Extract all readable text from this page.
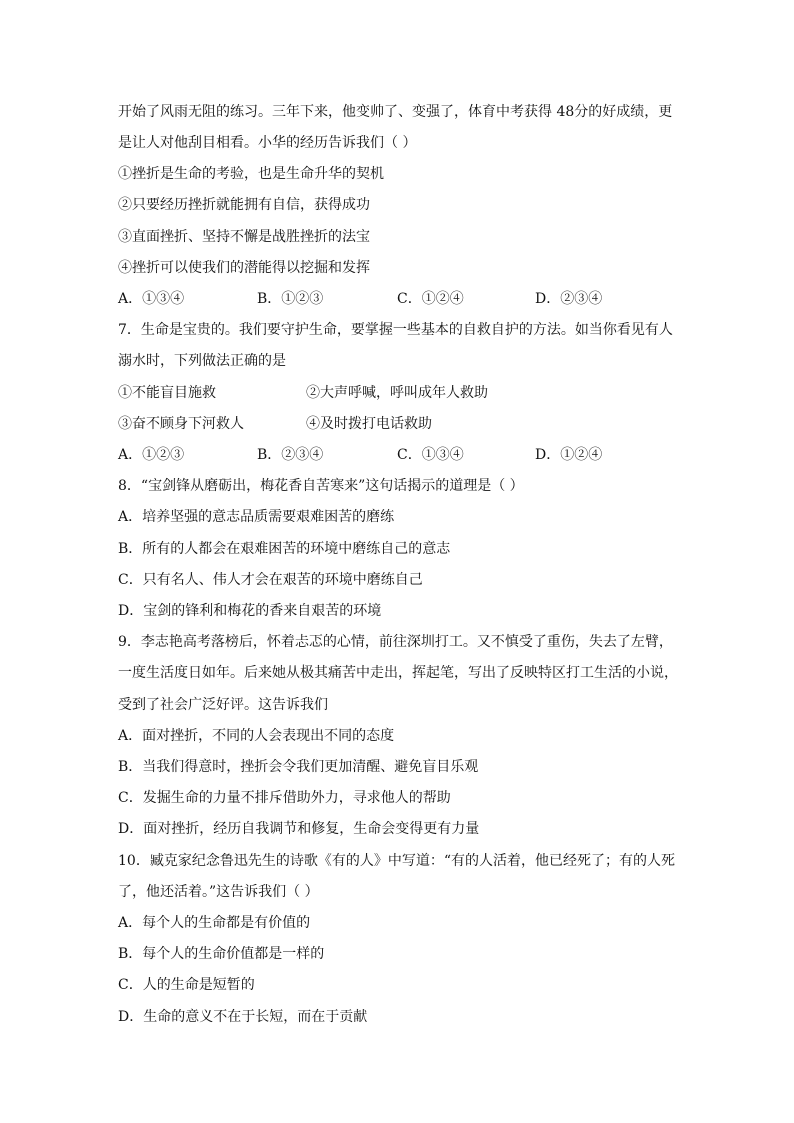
开始了风雨无阻的练习。三年下来，他变帅了、变强了，体育中考获得 48分的好成绩，更
是让人对他刮目相看。小华的经历告诉我们（ ）
①挫折是生命的考验，也是生命升华的契机
②只要经历挫折就能拥有自信，获得成功
③直面挫折、坚持不懈是战胜挫折的法宝
④挫折可以使我们的潜能得以挖掘和发挥
A．①③④	B．①②③	C．①②④	D．②③④
7．生命是宝贵的。我们要守护生命，要掌握一些基本的自救自护的方法。如当你看见有人
溺水时，下列做法正确的是
①不能盲目施救	②大声呼喊，呼叫成年人救助
③奋不顾身下河救人	④及时拨打电话救助
A．①②③	B．②③④	C．①③④	D．①②④
8．“宝剑锋从磨砺出，梅花香自苦寒来”这句话揭示的道理是（ ）
A．培养坚强的意志品质需要艰难困苦的磨练
B．所有的人都会在艰难困苦的环境中磨练自己的意志
C．只有名人、伟人才会在艰苦的环境中磨练自己
D．宝剑的锋利和梅花的香来自艰苦的环境
9．李志艳高考落榜后，怀着忐忑的心情，前往深圳打工。又不慎受了重伤，失去了左臂，
一度生活度日如年。后来她从极其痛苦中走出，挥起笔，写出了反映特区打工生活的小说，
受到了社会广泛好评。这告诉我们
A．面对挫折，不同的人会表现出不同的态度
B．当我们得意时，挫折会令我们更加清醒、避免盲目乐观
C．发掘生命的力量不排斥借助外力，寻求他人的帮助
D．面对挫折，经历自我调节和修复，生命会变得更有力量
10．臧克家纪念鲁迅先生的诗歌《有的人》中写道：“有的人活着，他已经死了；有的人死
了，他还活着。”这告诉我们（ ）
A．每个人的生命都是有价值的
B．每个人的生命价值都是一样的
C．人的生命是短暂的
D．生命的意义不在于长短，而在于贡献
